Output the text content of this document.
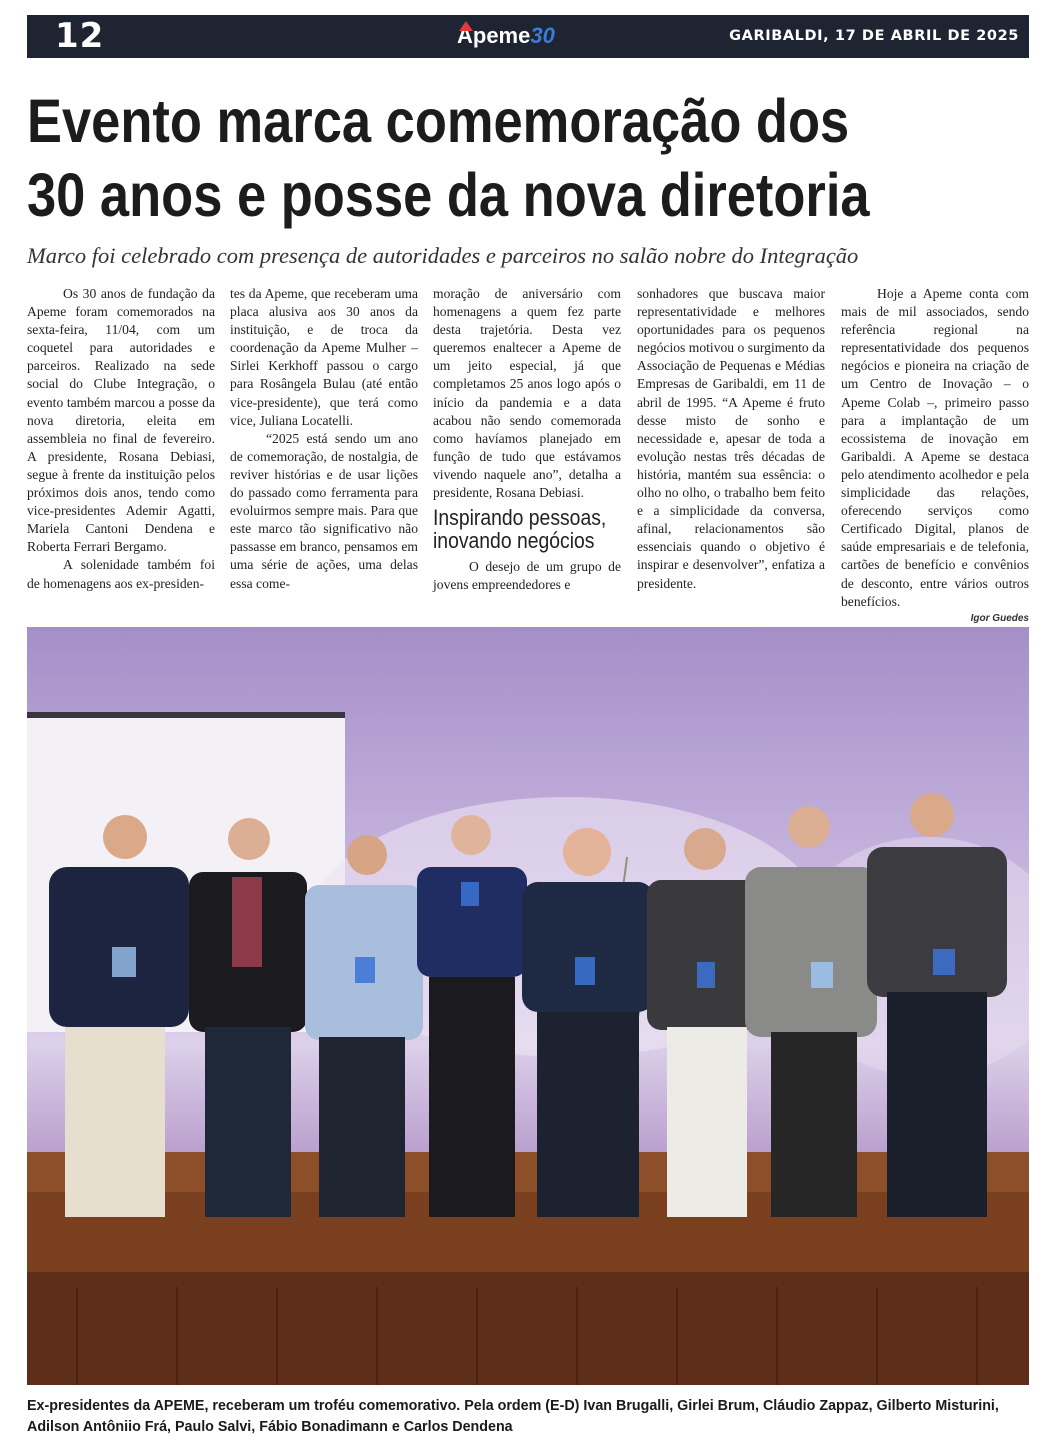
12	Apeme30	GARIBALDI, 17 DE ABRIL DE 2025
Evento marca comemoração dos
30 anos e posse da nova diretoria
Marco foi celebrado com presença de autoridades e parceiros no salão nobre do Integração

Os 30 anos de fundação da Apeme foram comemorados na sexta-feira, 11/04, com um coquetel para autoridades e parceiros. Realizado na sede social do Clube Integração, o evento também marcou a posse da nova diretoria, eleita em assembleia no final de fevereiro. A presidente, Rosana Debiasi, segue à frente da instituição pelos próximos dois anos, tendo como vice-presidentes Ademir Agatti, Mariela Cantoni Dendena e Roberta Ferrari Bergamo.

A solenidade também foi de homenagens aos ex-presiden-

tes da Apeme, que receberam uma placa alusiva aos 30 anos da instituição, e de troca da coordenação da Apeme Mulher – Sirlei Kerkhoff passou o cargo para Rosângela Bulau (até então vice-presidente), que terá como vice, Juliana Locatelli.

“2025 está sendo um ano de comemoração, de nostalgia, de reviver histórias e de usar lições do passado como ferramenta para evoluirmos sempre mais. Para que este marco tão significativo não passasse em branco, pensamos em uma série de ações, uma delas essa come-

moração de aniversário com homenagens a quem fez parte desta trajetória. Desta vez queremos enaltecer a Apeme de um jeito especial, já que completamos 25 anos logo após o início da pandemia e a data acabou não sendo comemorada como havíamos planejado em função de tudo que estávamos vivendo naquele ano”, detalha a presidente, Rosana Debiasi.

Inspirando pessoas,
inovando negócios

O desejo de um grupo de jovens empreendedores e

sonhadores que buscava maior representatividade e melhores oportunidades para os pequenos negócios motivou o surgimento da Associação de Pequenas e Médias Empresas de Garibaldi, em 11 de abril de 1995. “A Apeme é fruto desse misto de sonho e necessidade e, apesar de toda a evolução nestas três décadas de história, mantém sua essência: o olho no olho, o trabalho bem feito e a simplicidade da conversa, afinal, relacionamentos são essenciais quando o objetivo é inspirar e desenvolver”, enfatiza a presidente.

Hoje a Apeme conta com mais de mil associados, sendo referência regional na representatividade dos pequenos negócios e pioneira na criação de um Centro de Inovação – o Apeme Colab –, primeiro passo para a implantação de um ecossistema de inovação em Garibaldi. A Apeme se destaca pelo atendimento acolhedor e pela simplicidade das relações, oferecendo serviços como Certificado Digital, planos de saúde empresariais e de telefonia, cartões de benefício e convênios de desconto, entre vários outros benefícios.

Igor Guedes
Ex-presidentes da APEME, receberam um troféu comemorativo. Pela ordem (E-D) Ivan Brugalli, Girlei Brum, Cláudio Zappaz, Gilberto Misturini, Adilson Antôniio Frá, Paulo Salvi, Fábio Bonadimann e Carlos Dendena
